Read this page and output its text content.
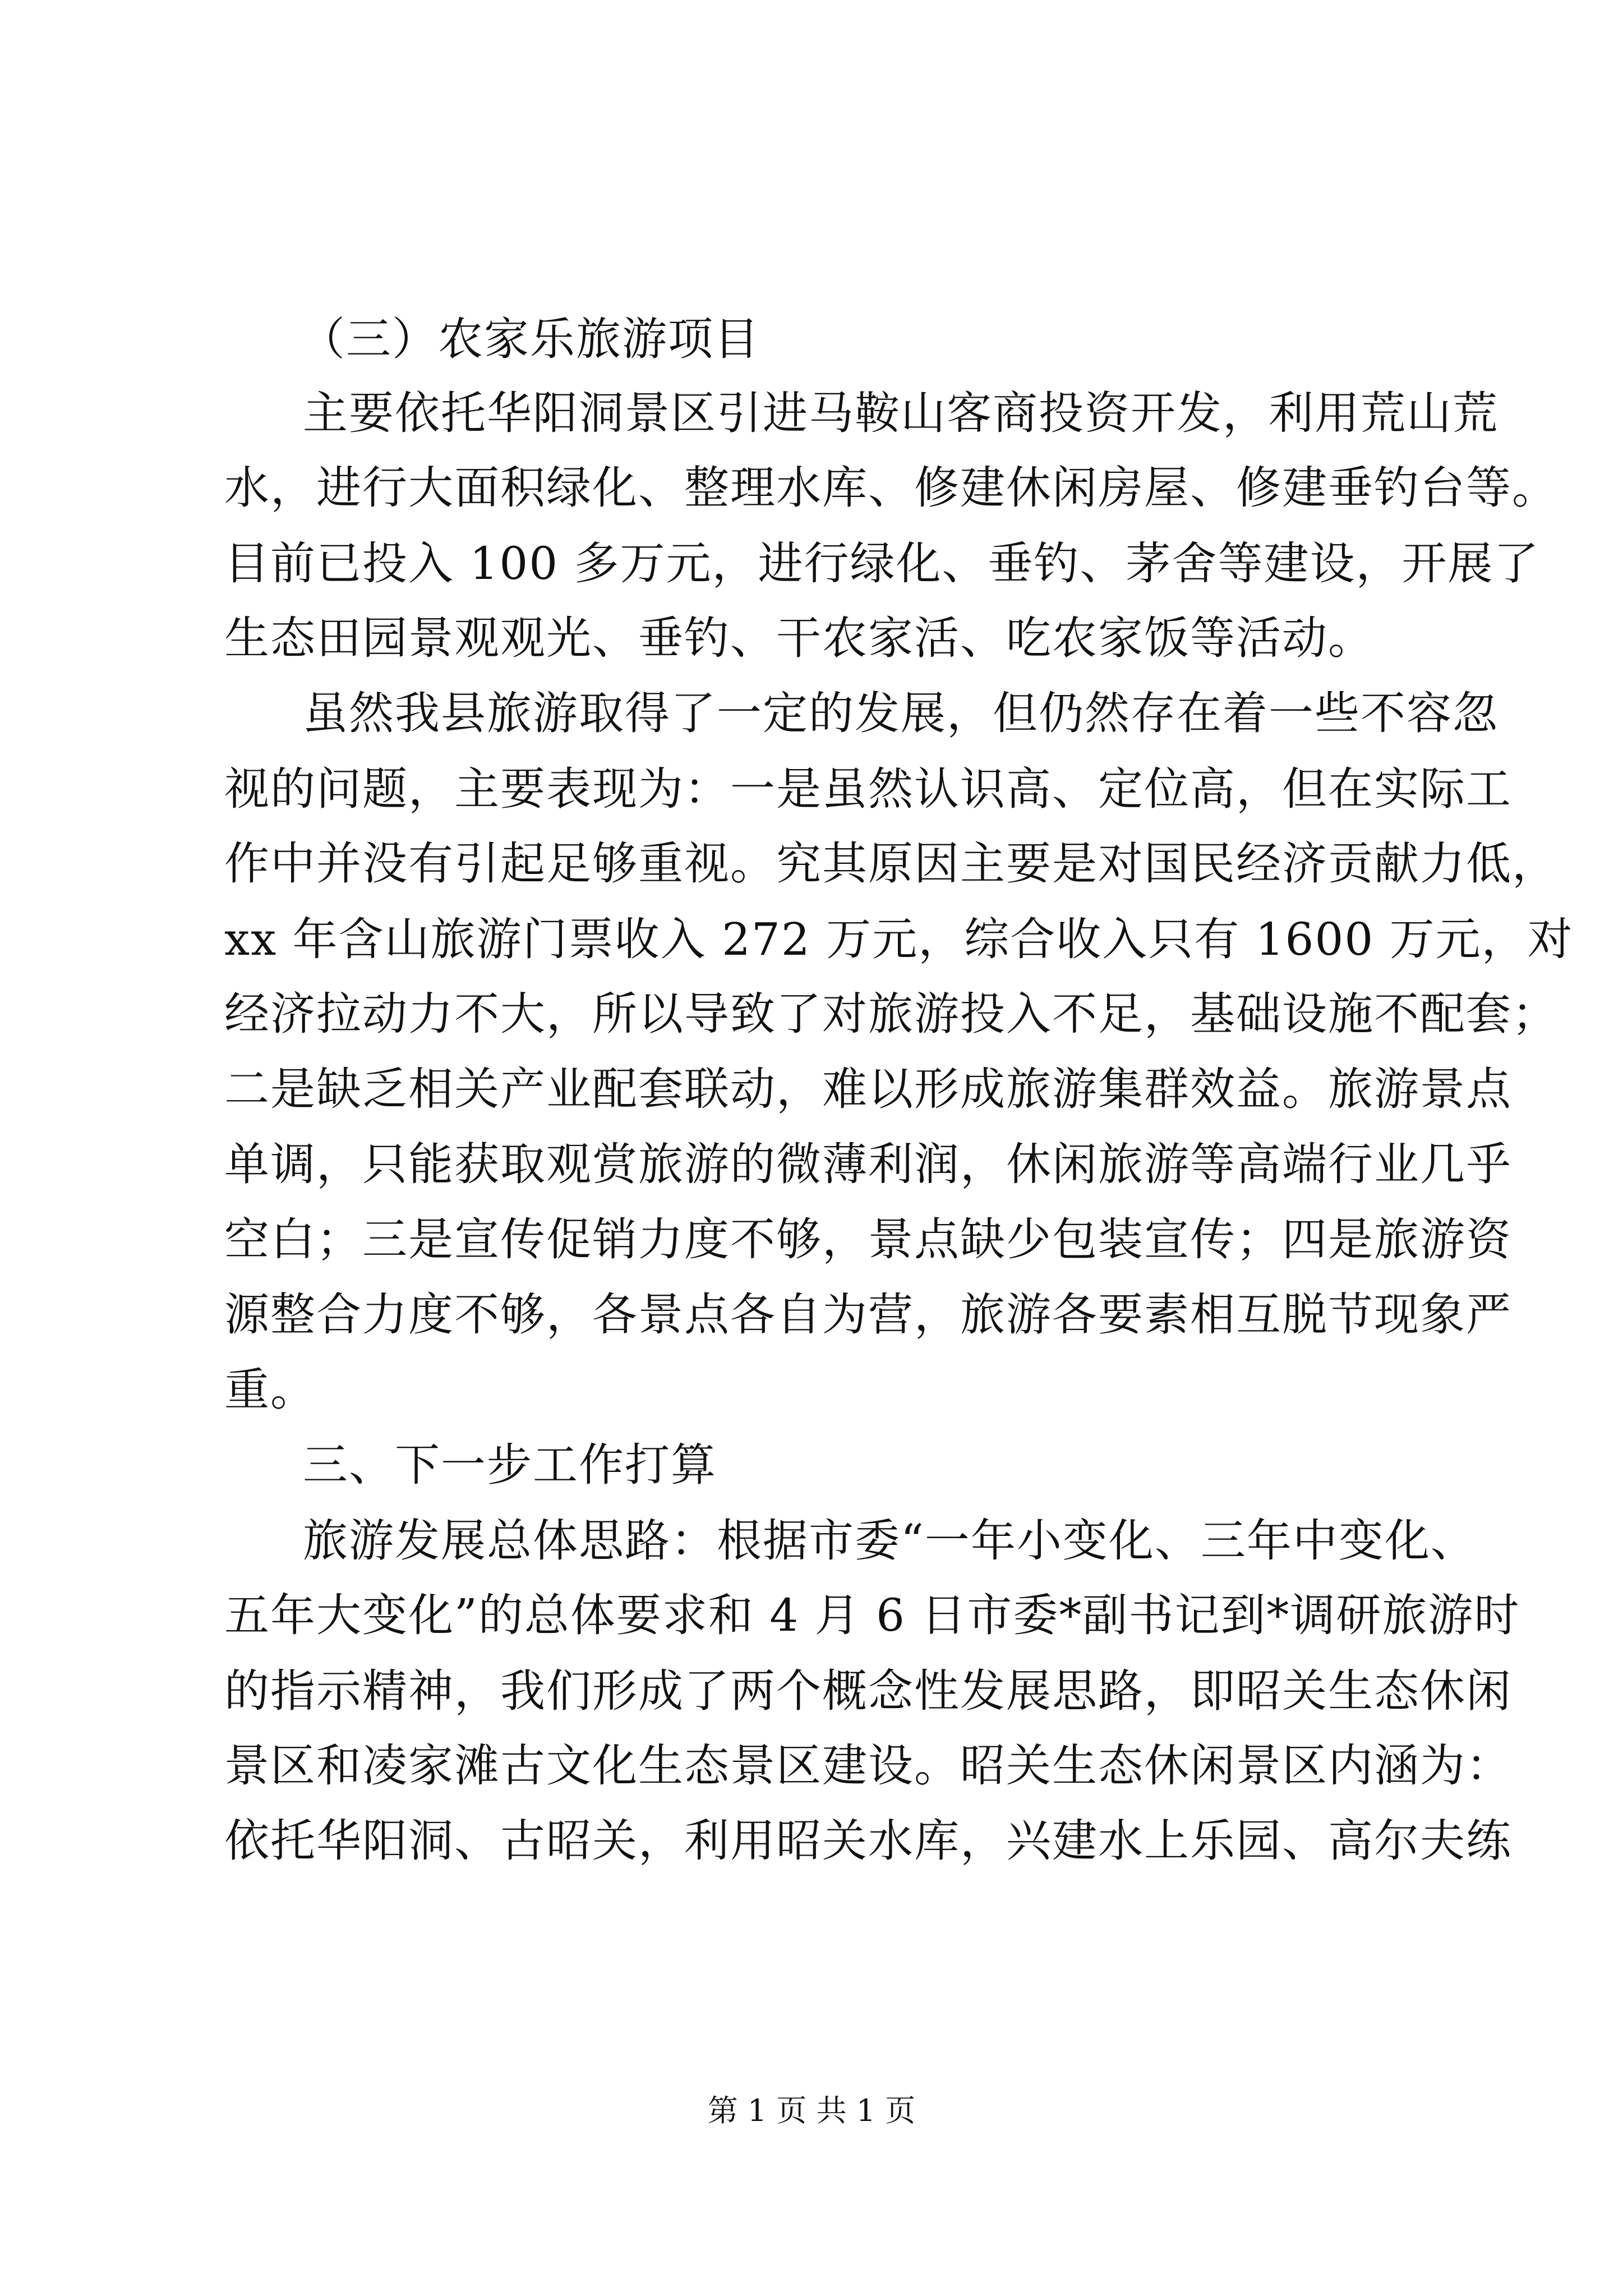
（三）农家乐旅游项目
主要依托华阳洞景区引进马鞍山客商投资开发，利用荒山荒
水，进行大面积绿化、整理水库、修建休闲房屋、修建垂钓台等。
目前已投入 100 多万元，进行绿化、垂钓、茅舍等建设，开展了
生态田园景观观光、垂钓、干农家活、吃农家饭等活动。
虽然我县旅游取得了一定的发展，但仍然存在着一些不容忽
视的问题，主要表现为：一是虽然认识高、定位高，但在实际工
作中并没有引起足够重视。究其原因主要是对国民经济贡献力低，
xx 年含山旅游门票收入 272 万元，综合收入只有 1600 万元，对
经济拉动力不大，所以导致了对旅游投入不足，基础设施不配套；
二是缺乏相关产业配套联动，难以形成旅游集群效益。旅游景点
单调，只能获取观赏旅游的微薄利润，休闲旅游等高端行业几乎
空白；三是宣传促销力度不够，景点缺少包装宣传；四是旅游资
源整合力度不够，各景点各自为营，旅游各要素相互脱节现象严
重。
三、下一步工作打算
旅游发展总体思路：根据市委“一年小变化、三年中变化、
五年大变化”的总体要求和 4 月 6 日市委*副书记到*调研旅游时
的指示精神，我们形成了两个概念性发展思路，即昭关生态休闲
景区和凌家滩古文化生态景区建设。昭关生态休闲景区内涵为：
依托华阳洞、古昭关，利用昭关水库，兴建水上乐园、高尔夫练
第 1 页 共 1 页
